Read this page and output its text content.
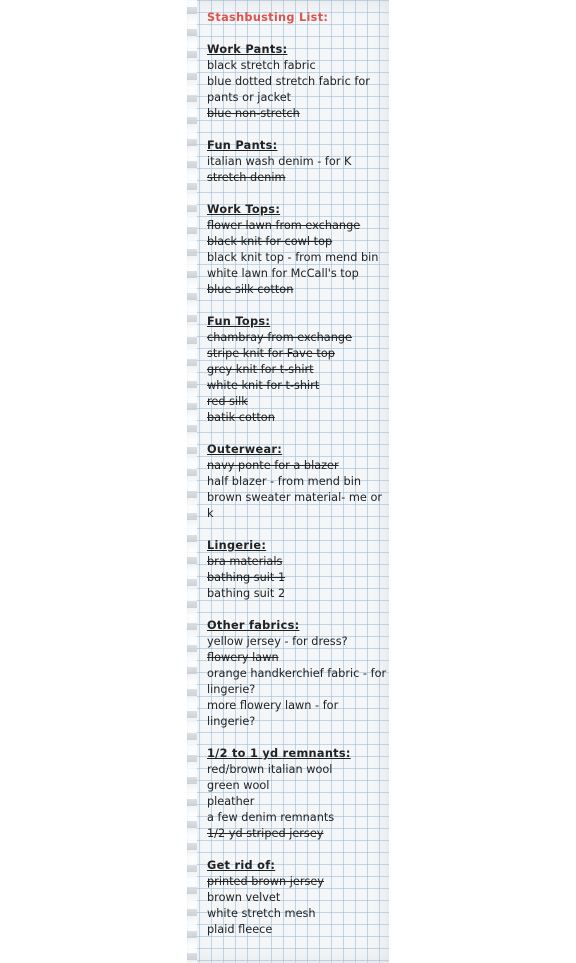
Stashbusting List:
Work Pants:
black stretch fabric
blue dotted stretch fabric for pants or jacket
blue non-stretch
Fun Pants:
italian wash denim - for K
stretch denim
Work Tops:
flower lawn from exchange
black knit for cowl top
black knit top - from mend bin
white lawn for McCall's top
blue silk cotton
Fun Tops:
chambray from exchange
stripe knit for Fave top
grey knit for t-shirt
white knit for t-shirt
red silk
batik cotton
Outerwear:
navy ponte for a blazer
half blazer - from mend bin
brown sweater material- me or k
Lingerie:
bra materials
bathing suit 1
bathing suit 2
Other fabrics:
yellow jersey - for dress?
flowery lawn
orange handkerchief fabric - for lingerie?
more flowery lawn - for lingerie?
1/2 to 1 yd remnants:
red/brown italian wool
green wool
pleather
a few denim remnants
1/2 yd striped jersey
Get rid of:
printed brown jersey
brown velvet
white stretch mesh
plaid fleece
